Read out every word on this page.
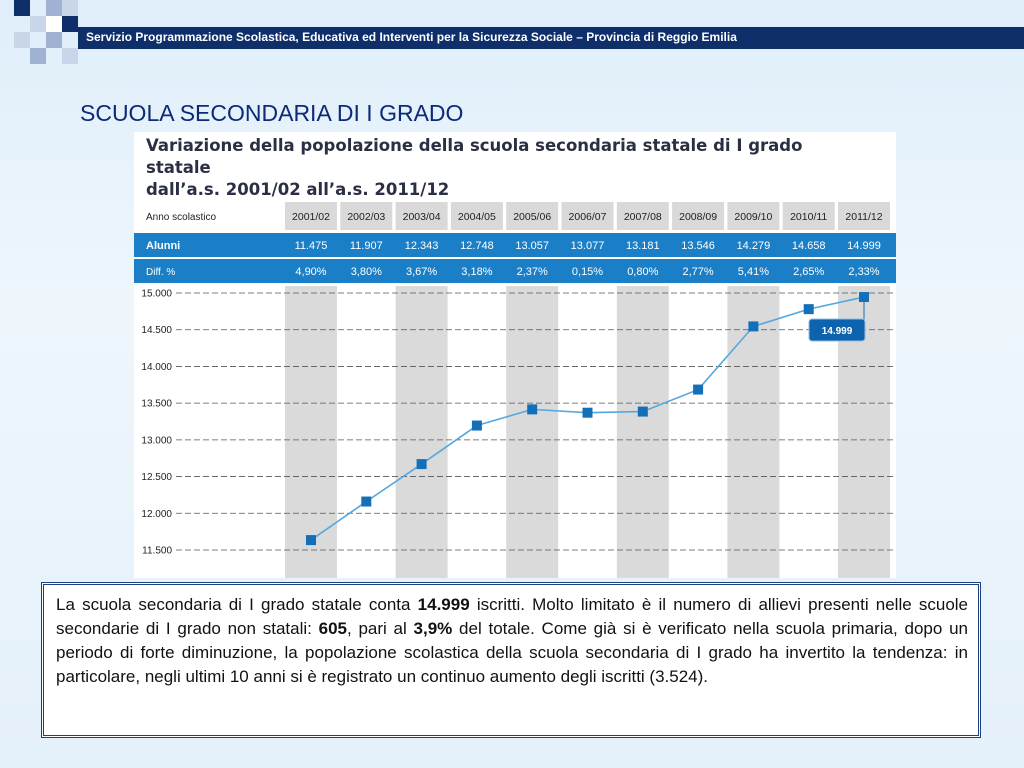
Servizio Programmazione Scolastica, Educativa ed Interventi per la Sicurezza Sociale – Provincia di Reggio Emilia
SCUOLA SECONDARIA DI I GRADO
Anno scolastico
Alunni
Diff. %
2001/02
11.475
4,90%
2002/03
11.907
3,80%
2003/04
12.343
3,67%
2004/05
12.748
3,18%
2005/06
13.057
2,37%
2006/07
13.077
0,15%
2007/08
13.181
0,80%
2008/09
13.546
2,77%
2009/10
14.279
5,41%
2010/11
14.658
2,65%
2011/12
14.999
2,33%
15.000
14.500
14.000
13.500
13.000
12.500
12.000
11.500
14.999
Variazione della popolazione della scuola secondaria statale di I grado statale
dall’a.s. 2001/02 all’a.s. 2011/12

La scuola secondaria di I grado statale conta 14.999 iscritti. Molto limitato è il numero di allievi presenti nelle scuole secondarie di I grado non statali: 605, pari al 3,9% del totale. Come già si è verificato nella scuola primaria, dopo un periodo di forte diminuzione, la popolazione scolastica della scuola secondaria di I grado ha invertito la tendenza: in particolare, negli ultimi 10 anni si è registrato un continuo aumento degli iscritti (3.524).
